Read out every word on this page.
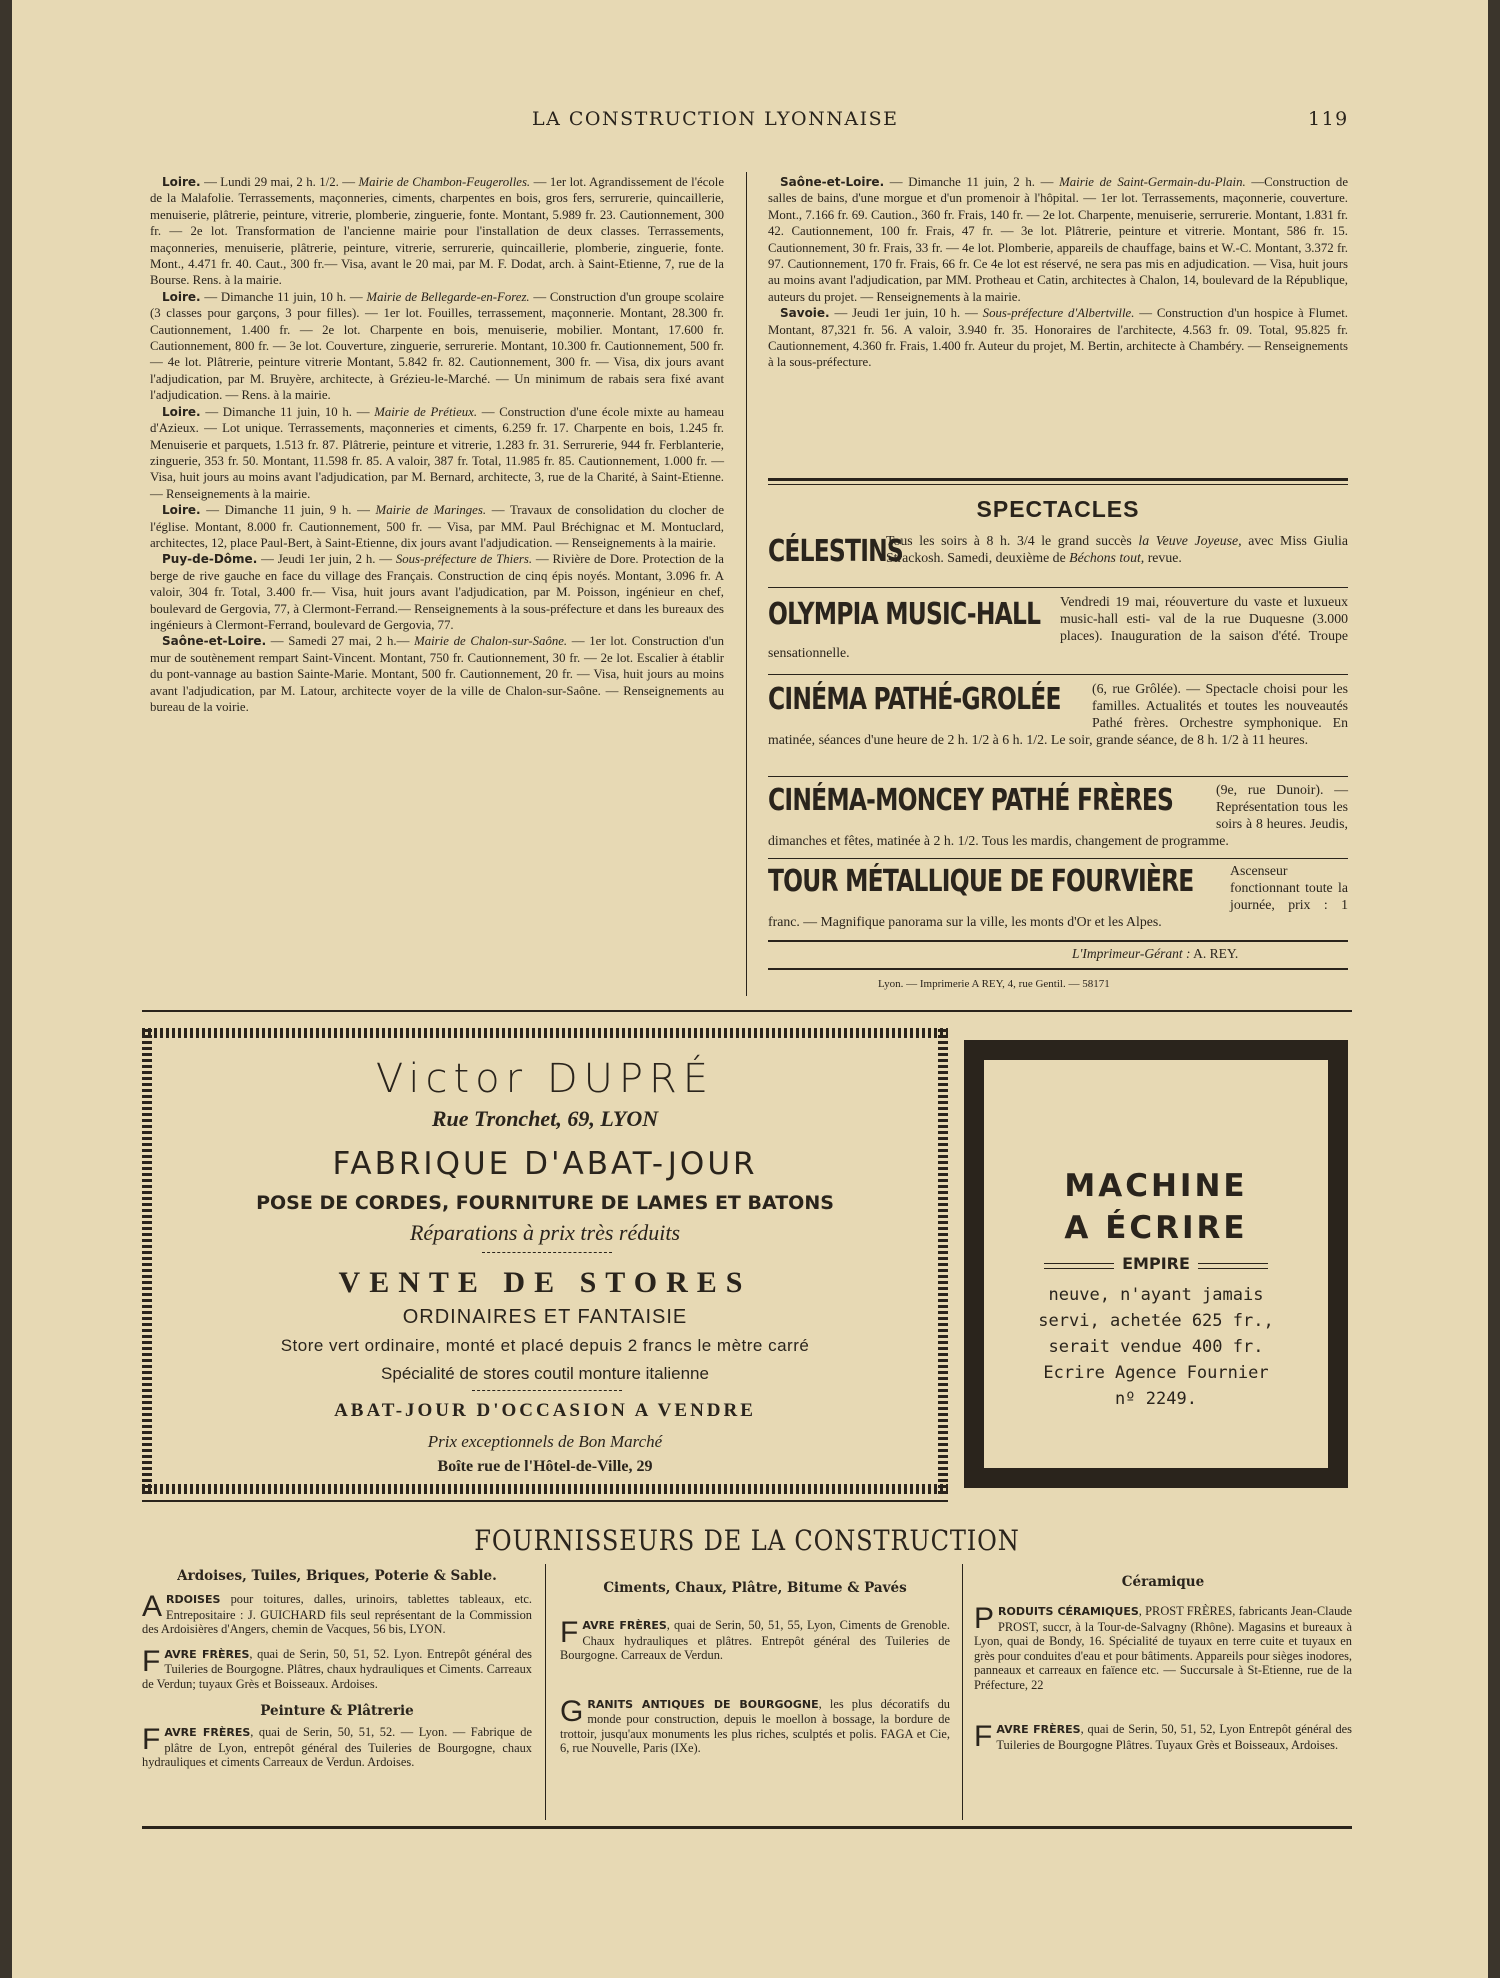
LA CONSTRUCTION LYONNAISE	119

Loire. — Lundi 29 mai, 2 h. 1/2. — Mairie de Chambon-Feugerolles. — 1er lot. Agrandissement de l'école de la Malafolie. Terrassements, maçonneries, ciments, charpentes en bois, gros fers, serrurerie, quincaillerie, menuiserie, plâtrerie, peinture, vitrerie, plomberie, zinguerie, fonte. Montant, 5.989 fr. 23. Cautionnement, 300 fr. — 2e lot. Transformation de l'ancienne mairie pour l'installation de deux classes. Terrassements, maçonneries, menuiserie, plâtrerie, peinture, vitrerie, serrurerie, quincaillerie, plomberie, zinguerie, fonte. Mont., 4.471 fr. 40. Caut., 300 fr.— Visa, avant le 20 mai, par M. F. Dodat, arch. à Saint-Etienne, 7, rue de la Bourse. Rens. à la mairie.

Loire. — Dimanche 11 juin, 10 h. — Mairie de Bellegarde-en-Forez. — Construction d'un groupe scolaire (3 classes pour garçons, 3 pour filles). — 1er lot. Fouilles, terrassement, maçonnerie. Montant, 28.300 fr. Cautionnement, 1.400 fr. — 2e lot. Charpente en bois, menuiserie, mobilier. Montant, 17.600 fr. Cautionnement, 800 fr. — 3e lot. Couverture, zinguerie, serrurerie. Montant, 10.300 fr. Cautionnement, 500 fr. — 4e lot. Plâtrerie, peinture vitrerie Montant, 5.842 fr. 82. Cautionnement, 300 fr. — Visa, dix jours avant l'adjudication, par M. Bruyère, architecte, à Grézieu-le-Marché. — Un minimum de rabais sera fixé avant l'adjudication. — Rens. à la mairie.

Loire. — Dimanche 11 juin, 10 h. — Mairie de Prétieux. — Construction d'une école mixte au hameau d'Azieux. — Lot unique. Terrassements, maçonneries et ciments, 6.259 fr. 17. Charpente en bois, 1.245 fr. Menuiserie et parquets, 1.513 fr. 87. Plâtrerie, peinture et vitrerie, 1.283 fr. 31. Serrurerie, 944 fr. Ferblanterie, zinguerie, 353 fr. 50. Montant, 11.598 fr. 85. A valoir, 387 fr. Total, 11.985 fr. 85. Cautionnement, 1.000 fr. — Visa, huit jours au moins avant l'adjudication, par M. Bernard, architecte, 3, rue de la Charité, à Saint-Etienne. — Renseignements à la mairie.

Loire. — Dimanche 11 juin, 9 h. — Mairie de Maringes. — Travaux de consolidation du clocher de l'église. Montant, 8.000 fr. Cautionnement, 500 fr. — Visa, par MM. Paul Bréchignac et M. Montuclard, architectes, 12, place Paul-Bert, à Saint-Etienne, dix jours avant l'adjudication. — Renseignements à la mairie.

Puy-de-Dôme. — Jeudi 1er juin, 2 h. — Sous-préfecture de Thiers. — Rivière de Dore. Protection de la berge de rive gauche en face du village des Français. Construction de cinq épis noyés. Montant, 3.096 fr. A valoir, 304 fr. Total, 3.400 fr.— Visa, huit jours avant l'adjudication, par M. Poisson, ingénieur en chef, boulevard de Gergovia, 77, à Clermont-Ferrand.— Renseignements à la sous-préfecture et dans les bureaux des ingénieurs à Clermont-Ferrand, boulevard de Gergovia, 77.

Saône-et-Loire. — Samedi 27 mai, 2 h.— Mairie de Chalon-sur-Saône. — 1er lot. Construction d'un mur de soutènement rempart Saint-Vincent. Montant, 750 fr. Cautionnement, 30 fr. — 2e lot. Escalier à établir du pont-vannage au bastion Sainte-Marie. Montant, 500 fr. Cautionnement, 20 fr. — Visa, huit jours au moins avant l'adjudication, par M. Latour, architecte voyer de la ville de Chalon-sur-Saône. — Renseignements au bureau de la voirie.

Saône-et-Loire. — Dimanche 11 juin, 2 h. — Mairie de Saint-Germain-du-Plain. —Construction de salles de bains, d'une morgue et d'un promenoir à l'hôpital. — 1er lot. Terrassements, maçonnerie, couverture. Mont., 7.166 fr. 69. Caution., 360 fr. Frais, 140 fr. — 2e lot. Charpente, menuiserie, serrurerie. Montant, 1.831 fr. 42. Cautionnement, 100 fr. Frais, 47 fr. — 3e lot. Plâtrerie, peinture et vitrerie. Montant, 586 fr. 15. Cautionnement, 30 fr. Frais, 33 fr. — 4e lot. Plomberie, appareils de chauffage, bains et W.-C. Montant, 3.372 fr. 97. Cautionnement, 170 fr. Frais, 66 fr. Ce 4e lot est réservé, ne sera pas mis en adjudication. — Visa, huit jours au moins avant l'adjudication, par MM. Protheau et Catin, architectes à Chalon, 14, boulevard de la République, auteurs du projet. — Renseignements à la mairie.

Savoie. — Jeudi 1er juin, 10 h. — Sous-préfecture d'Albertville. — Construction d'un hospice à Flumet. Montant, 87,321 fr. 56. A valoir, 3.940 fr. 35. Honoraires de l'architecte, 4.563 fr. 09. Total, 95.825 fr. Cautionnement, 4.360 fr. Frais, 1.400 fr. Auteur du projet, M. Bertin, architecte à Chambéry. — Renseignements à la sous-préfecture.

SPECTACLES
CÉLESTINS
Tous les soirs à 8 h. 3/4 le grand succès la Veuve Joyeuse, avec Miss Giulia Strackosh. Samedi, deuxième de Béchons tout, revue.
OLYMPIA MUSIC-HALL	Vendredi 19 mai, réouverture du vaste et luxueux music-hall esti- val de la rue Duquesne (3.000 places). Inauguration de la saison d'été. Troupe sensationnelle.
CINÉMA PATHÉ-GROLÉE	(6, rue Grôlée). — Spectacle choisi pour les familles. Actualités et toutes les nouveautés Pathé frères. Orchestre symphonique. En matinée, séances d'une heure de 2 h. 1/2 à 6 h. 1/2. Le soir, grande séance, de 8 h. 1/2 à 11 heures.
CINÉMA-MONCEY PATHÉ FRÈRES	(9e, rue Dunoir). — Représentation tous les soirs à 8 heures. Jeudis, dimanches et fêtes, matinée à 2 h. 1/2. Tous les mardis, changement de programme.
TOUR MÉTALLIQUE DE FOURVIÈRE	Ascenseur fonctionnant toute la journée, prix : 1 franc. — Magnifique panorama sur la ville, les monts d'Or et les Alpes.
L'Imprimeur-Gérant : A. REY.
Lyon. — Imprimerie A REY, 4, rue Gentil. — 58171
Victor DUPRÉ
Rue Tronchet, 69, LYON
FABRIQUE D'ABAT-JOUR
POSE DE CORDES, FOURNITURE DE LAMES ET BATONS
Réparations à prix très réduits
VENTE DE STORES
ORDINAIRES ET FANTAISIE
Store vert ordinaire, monté et placé depuis 2 francs le mètre carré
Spécialité de stores coutil monture italienne
ABAT-JOUR D'OCCASION A VENDRE
Prix exceptionnels de Bon Marché
Boîte rue de l'Hôtel-de-Ville, 29
MACHINE
A ÉCRIRE
EMPIRE
neuve, n'ayant jamais
servi, achetée 625 fr.,
serait vendue 400 fr.
Ecrire Agence Fournier
nº 2249.
FOURNISSEURS DE LA CONSTRUCTION
Ardoises, Tuiles, Briques, Poterie & Sable.
ARDOISES pour toitures, dalles, urinoirs, tablettes tableaux, etc. Entrepositaire : J. GUICHARD fils seul représentant de la Commission des Ardoisières d'Angers, chemin de Vacques, 56 bis, LYON.
FAVRE FRÈRES, quai de Serin, 50, 51, 52. Lyon. Entrepôt général des Tuileries de Bourgogne. Plâtres, chaux hydrauliques et Ciments. Carreaux de Verdun; tuyaux Grès et Boisseaux. Ardoises.
Peinture & Plâtrerie
FAVRE FRÈRES, quai de Serin, 50, 51, 52. — Lyon. — Fabrique de plâtre de Lyon, entrepôt général des Tuileries de Bourgogne, chaux hydrauliques et ciments Carreaux de Verdun. Ardoises.
Ciments, Chaux, Plâtre, Bitume & Pavés
FAVRE FRÈRES, quai de Serin, 50, 51, 55, Lyon, Ciments de Grenoble. Chaux hydrauliques et plâtres. Entrepôt général des Tuileries de Bourgogne. Carreaux de Verdun.
GRANITS ANTIQUES DE BOURGOGNE, les plus décoratifs du monde pour construction, depuis le moellon à bossage, la bordure de trottoir, jusqu'aux monuments les plus riches, sculptés et polis. FAGA et Cie, 6, rue Nouvelle, Paris (IXe).
Céramique
PRODUITS CÉRAMIQUES, PROST FRÈRES, fabricants Jean-Claude PROST, succr, à la Tour-de-Salvagny (Rhône). Magasins et bureaux à Lyon, quai de Bondy, 16. Spécialité de tuyaux en terre cuite et tuyaux en grès pour conduites d'eau et pour bâtiments. Appareils pour sièges inodores, panneaux et carreaux en faïence etc. — Succursale à St-Etienne, rue de la Préfecture, 22
FAVRE FRÈRES, quai de Serin, 50, 51, 52, Lyon Entrepôt général des Tuileries de Bourgogne Plâtres. Tuyaux Grès et Boisseaux, Ardoises.
